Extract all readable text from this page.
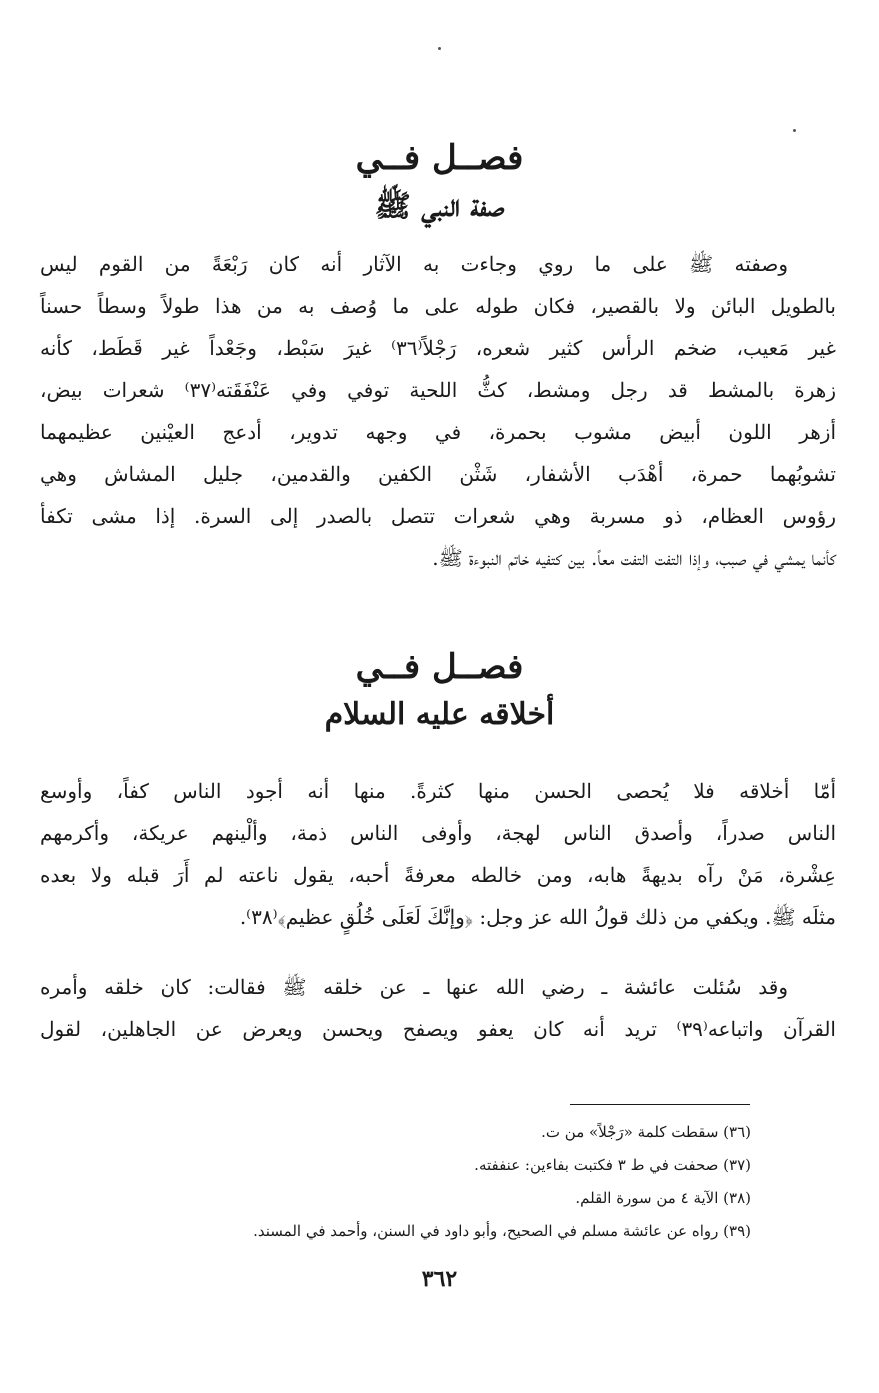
فصــل فــي
صفة النبي ﷺ
وصفته ﷺ على ما روي وجاءت به الآثار أنه كان رَبْعَةً من القوم ليس
بالطويل البائن ولا بالقصير، فكان طوله على ما وُصف به من هذا طولاً وسطاً حسناً
غير مَعيب، ضخم الرأس كثير شعره، رَجْلاً⁽٣٦⁾ غيرَ سَبْط، وجَعْداً غير قَطَط، كأنه
زهرة بالمشط قد رجل ومشط، كثُّ اللحية توفي وفي عَنْفَقَته⁽٣٧⁾ شعرات بيض،
أزهر اللون أبيض مشوب بحمرة، في وجهه تدوير، أدعج العيْنين عظيمهما
تشوبُهما حمرة، أهْدَب الأشفار، شَثْن الكفين والقدمين، جليل المشاش وهي
رؤوس العظام، ذو مسربة وهي شعرات تتصل بالصدر إلى السرة. إذا مشى تكفأ
كأنما يمشي في صبب، وإذا التفت التفت معاً. بين كتفيه خاتم النبوءة ﷺ.
فصــل فــي
أخلاقه عليه السلام
أمّا أخلاقه فلا يُحصى الحسن منها كثرةً. منها أنه أجود الناس كفاً، وأوسع
الناس صدراً، وأصدق الناس لهجة، وأوفى الناس ذمة، وألْينهم عريكة، وأكرمهم
عِشْرة، مَنْ رآه بديهةً هابه، ومن خالطه معرفةً أحبه، يقول ناعته لم أَرَ قبله ولا بعده
مثلَه ﷺ. ويكفي من ذلك قولُ الله عز وجل: ﴿وإنَّكَ لَعَلَى خُلُقٍ عظيم﴾⁽٣٨⁾.
وقد سُئلت عائشة ـ رضي الله عنها ـ عن خلقه ﷺ فقالت: كان خلقه وأمره
القرآن واتباعه⁽٣٩⁾ تريد أنه كان يعفو ويصفح ويحسن ويعرض عن الجاهلين، لقول
(٣٦) سقطت كلمة «رَجْلاً» من ت.
(٣٧) صحفت في ط ٣ فكتبت بفاءين: عنففته.
(٣٨) الآية ٤ من سورة القلم.
(٣٩) رواه عن عائشة مسلم في الصحيح، وأبو داود في السنن، وأحمد في المسند.
٣٦٢
